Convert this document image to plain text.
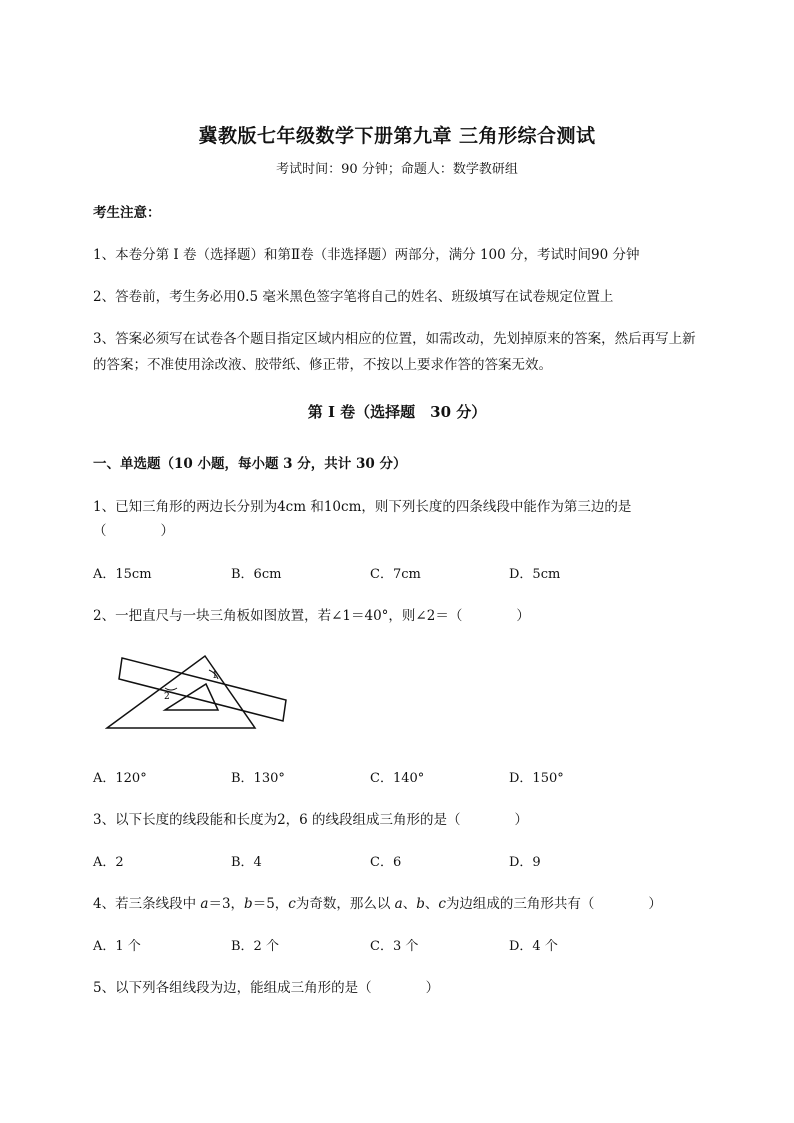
冀教版七年级数学下册第九章 三角形综合测试
考试时间：90 分钟；命题人：数学教研组
考生注意：
1、本卷分第 I 卷（选择题）和第Ⅱ卷（非选择题）两部分，满分 100 分，考试时间90 分钟
2、答卷前，考生务必用0.5 毫米黑色签字笔将自己的姓名、班级填写在试卷规定位置上
3、答案必须写在试卷各个题目指定区域内相应的位置，如需改动，先划掉原来的答案，然后再写上新
的答案；不准使用涂改液、胶带纸、修正带，不按以上要求作答的答案无效。
第 I 卷（选择题　30 分）
一、单选题（10 小题，每小题 3 分，共计 30 分）
1、已知三角形的两边长分别为4cm 和10cm，则下列长度的四条线段中能作为第三边的是
（　　　　）
A．15cm	B．6cm	C．7cm	D．5cm
2、一把直尺与一块三角板如图放置，若∠1＝40°，则∠2＝（　　　　）
1
2
A．120°	B．130°	C．140°	D．150°
3、以下长度的线段能和长度为2，6 的线段组成三角形的是（　　　　）
A．2	B．4	C．6	D．9
4、若三条线段中 a＝3，b＝5，c为奇数，那么以 a、b、c为边组成的三角形共有（　　　　）
A．1 个	B．2 个	C．3 个	D．4 个
5、以下列各组线段为边，能组成三角形的是（　　　　）
